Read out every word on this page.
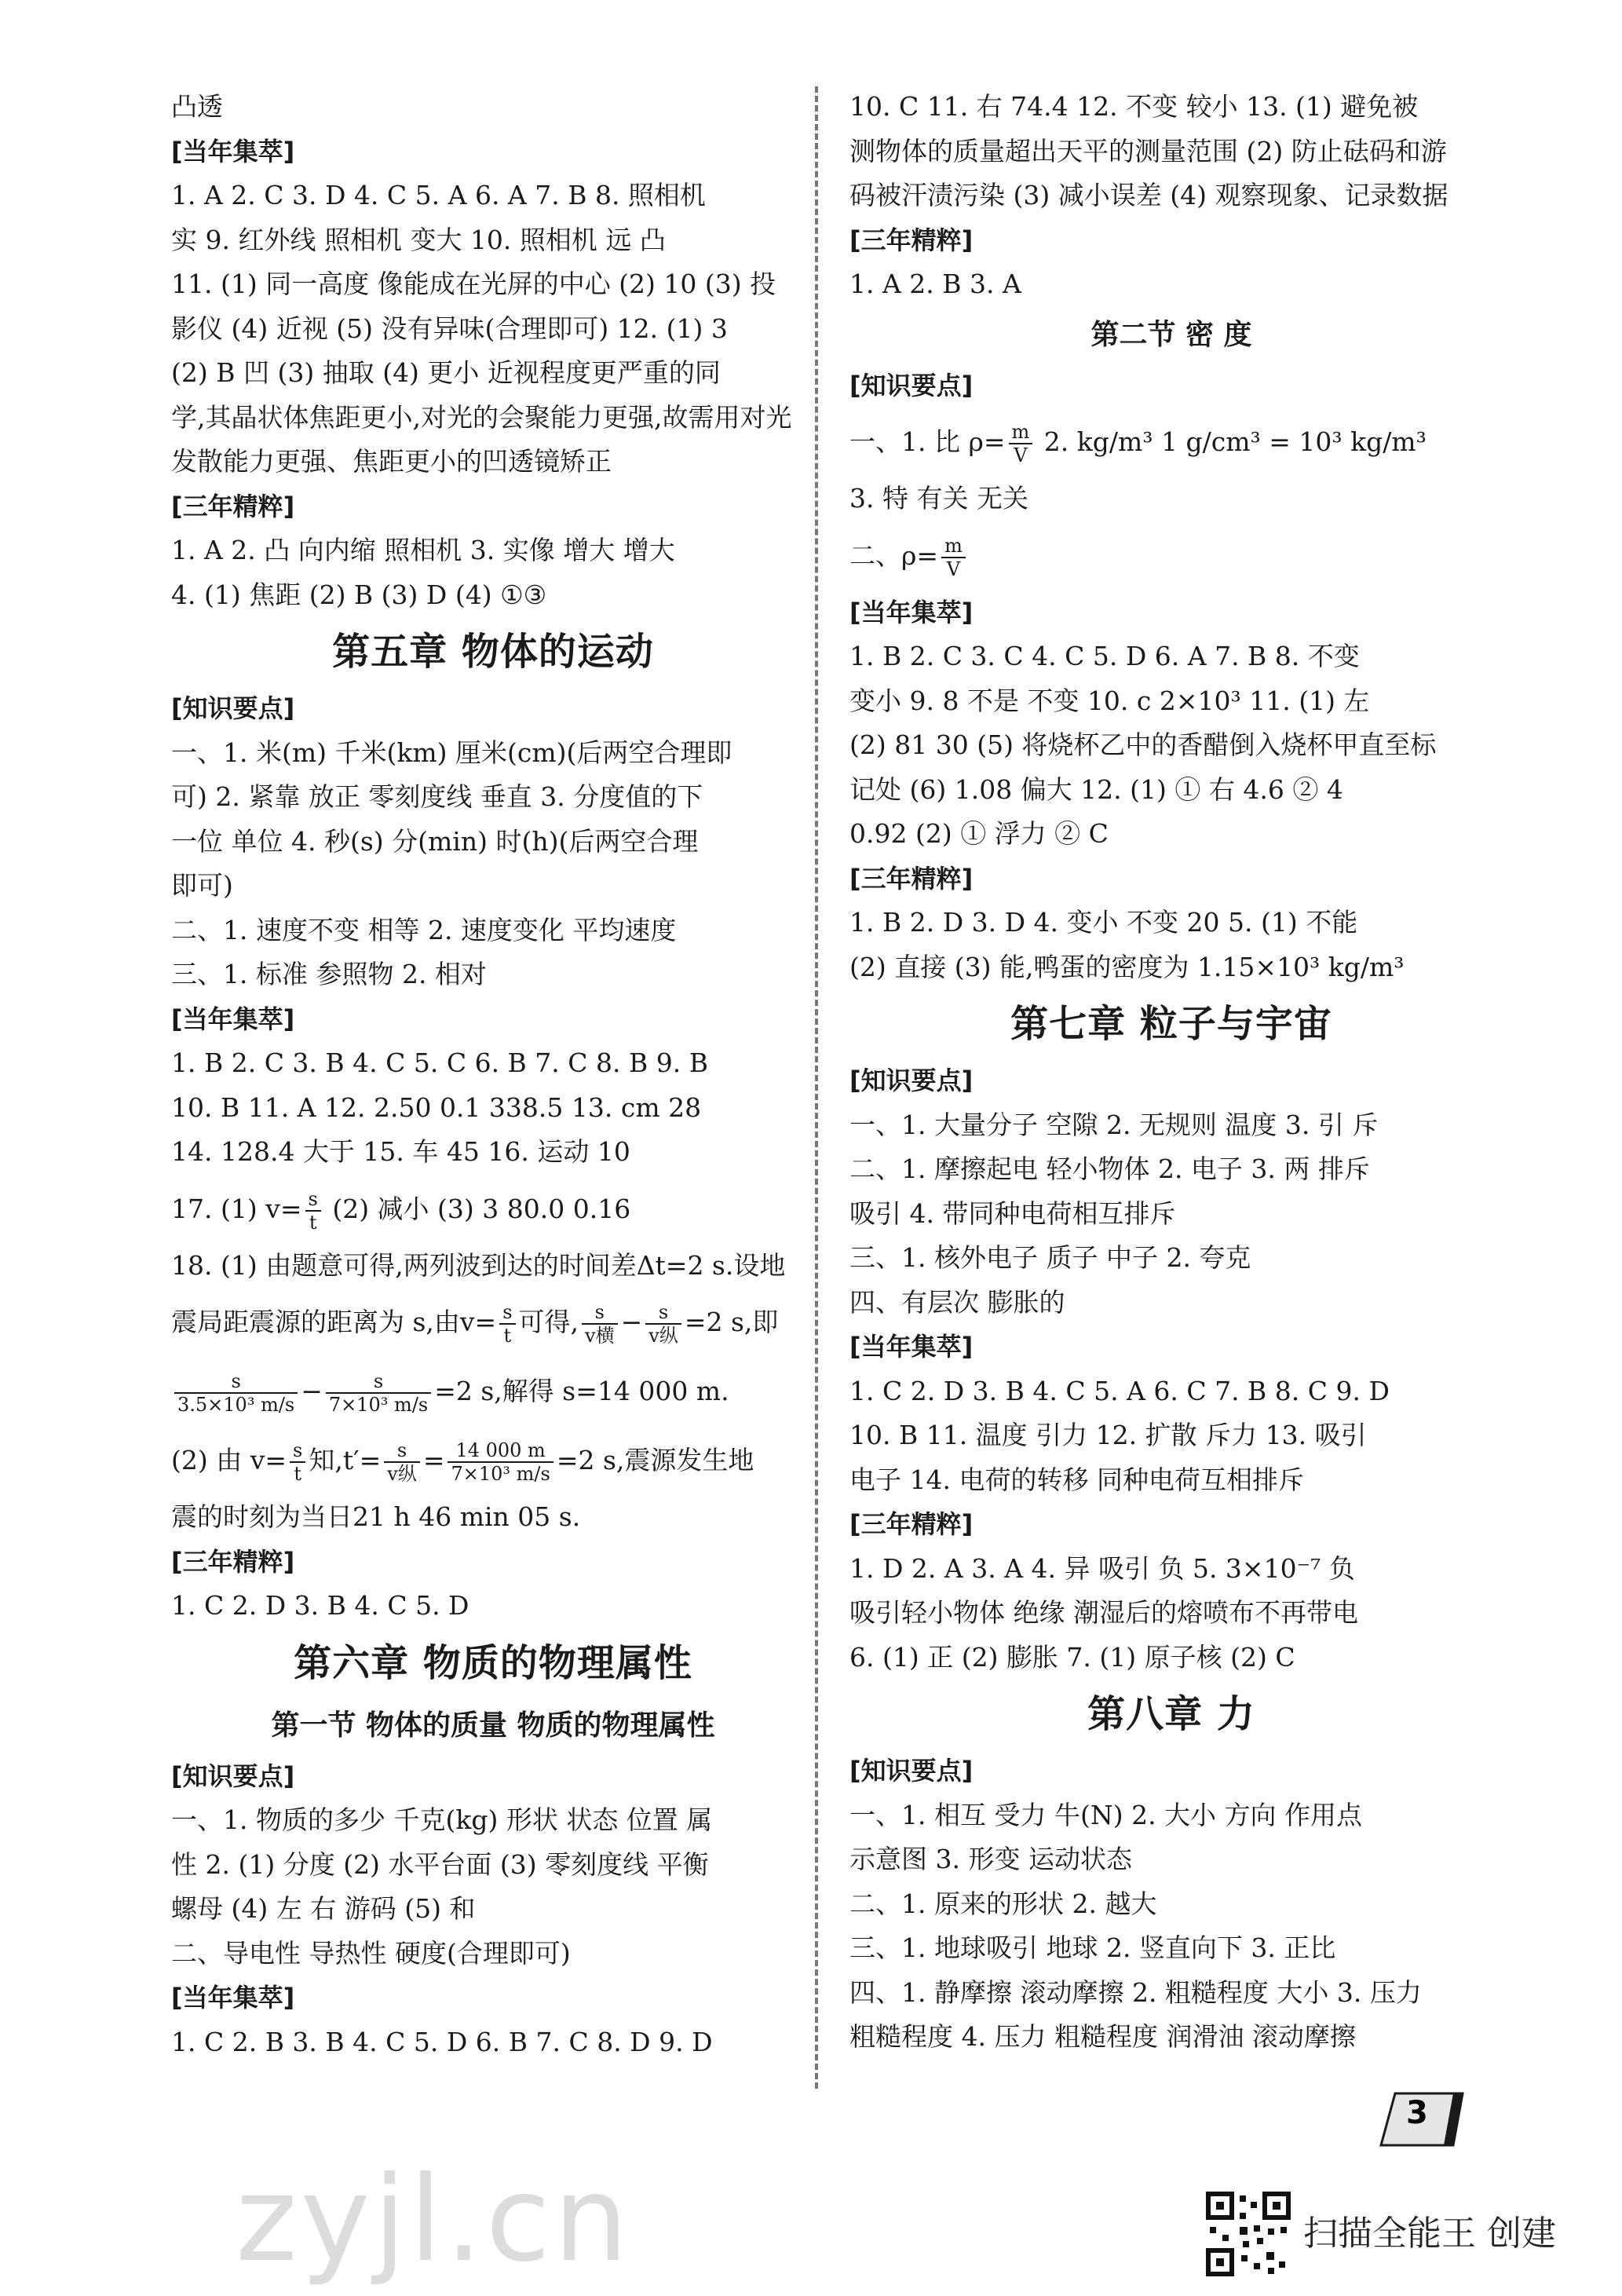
凸透
[当年集萃]
1. A 2. C 3. D 4. C 5. A 6. A 7. B 8. 照相机
实 9. 红外线 照相机 变大 10. 照相机 远 凸
11. (1) 同一高度 像能成在光屏的中心 (2) 10 (3) 投
影仪 (4) 近视 (5) 没有异味(合理即可) 12. (1) 3
(2) B 凹 (3) 抽取 (4) 更小 近视程度更严重的同
学,其晶状体焦距更小,对光的会聚能力更强,故需用对光
发散能力更强、焦距更小的凹透镜矫正
[三年精粹]
1. A 2. 凸 向内缩 照相机 3. 实像 增大 增大
4. (1) 焦距 (2) B (3) D (4) ①③
第五章 物体的运动
[知识要点]
一、1. 米(m) 千米(km) 厘米(cm)(后两空合理即
可) 2. 紧靠 放正 零刻度线 垂直 3. 分度值的下
一位 单位 4. 秒(s) 分(min) 时(h)(后两空合理
即可)
二、1. 速度不变 相等 2. 速度变化 平均速度
三、1. 标准 参照物 2. 相对
[当年集萃]
1. B 2. C 3. B 4. C 5. C 6. B 7. C 8. B 9. B
10. B 11. A 12. 2.50 0.1 338.5 13. cm 28
14. 128.4 大于 15. 车 45 16. 运动 10
17. (1) $v= \frac{s}{t} (2)$ 减小 (3) 3 80.0 0.16
18. (1) 由题意可得,两列波到达的时间差Δt=2 s.设地
震局距震源的距离为 s,由$v= \frac{s}{t}$ 可得, $\frac{s}{\text{v横}} - \frac{s}{\text{v纵}} =2$ s,即
$\frac{s}{\text{3.5×10³ m/s}} - \frac{s}{\text{7×10³ m/s}} =2$ s,解得 s=14 000 m.
(2) 由 $v= \frac{s}{t}$ 知$,t'= \frac{s}{\text{v纵}} = \frac{14 000 m}{\text{7×10³ m/s}} =2$ s,震源发生地
震的时刻为当日21 h 46 min 05 s.
[三年精粹]
1. C 2. D 3. B 4. C 5. D
第六章 物质的物理属性
第一节 物体的质量 物质的物理属性
[知识要点]
一、1. 物质的多少 千克(kg) 形状 状态 位置 属
性 2. (1) 分度 (2) 水平台面 (3) 零刻度线 平衡
螺母 (4) 左 右 游码 (5) 和
二、导电性 导热性 硬度(合理即可)
[当年集萃]
1. C 2. B 3. B 4. C 5. D 6. B 7. C 8. D 9. D
10. C 11. 右 74.4 12. 不变 较小 13. (1) 避免被
测物体的质量超出天平的测量范围 (2) 防止砝码和游
码被汗渍污染 (3) 减小误差 (4) 观察现象、记录数据
[三年精粹]
1. A 2. B 3. A
第二节 密 度
[知识要点]
一、1. 比 $\rho= \frac{m}{V} 2$. kg/m³ 1 g/cm³ = 10³ kg/m³
3. 特 有关 无关
二、$\rho= \frac{m}{V}$
[当年集萃]
1. B 2. C 3. C 4. C 5. D 6. A 7. B 8. 不变
变小 9. 8 不是 不变 10. c 2×10³ 11. (1) 左
(2) 81 30 (5) 将烧杯乙中的香醋倒入烧杯甲直至标
记处 (6) 1.08 偏大 12. (1) ① 右 4.6 ② 4
0.92 (2) ① 浮力 ② C
[三年精粹]
1. B 2. D 3. D 4. 变小 不变 20 5. (1) 不能
(2) 直接 (3) 能,鸭蛋的密度为 1.15×10³ kg/m³
第七章 粒子与宇宙
[知识要点]
一、1. 大量分子 空隙 2. 无规则 温度 3. 引 斥
二、1. 摩擦起电 轻小物体 2. 电子 3. 两 排斥
吸引 4. 带同种电荷相互排斥
三、1. 核外电子 质子 中子 2. 夸克
四、有层次 膨胀的
[当年集萃]
1. C 2. D 3. B 4. C 5. A 6. C 7. B 8. C 9. D
10. B 11. 温度 引力 12. 扩散 斥力 13. 吸引
电子 14. 电荷的转移 同种电荷互相排斥
[三年精粹]
1. D 2. A 3. A 4. 异 吸引 负 5. 3×10⁻⁷ 负
吸引轻小物体 绝缘 潮湿后的熔喷布不再带电
6. (1) 正 (2) 膨胀 7. (1) 原子核 (2) C
第八章 力
[知识要点]
一、1. 相互 受力 牛(N) 2. 大小 方向 作用点
示意图 3. 形变 运动状态
二、1. 原来的形状 2. 越大
三、1. 地球吸引 地球 2. 竖直向下 3. 正比
四、1. 静摩擦 滚动摩擦 2. 粗糙程度 大小 3. 压力
粗糙程度 4. 压力 粗糙程度 润滑油 滚动摩擦
3
zyjl.cn	扫描全能王 创建
